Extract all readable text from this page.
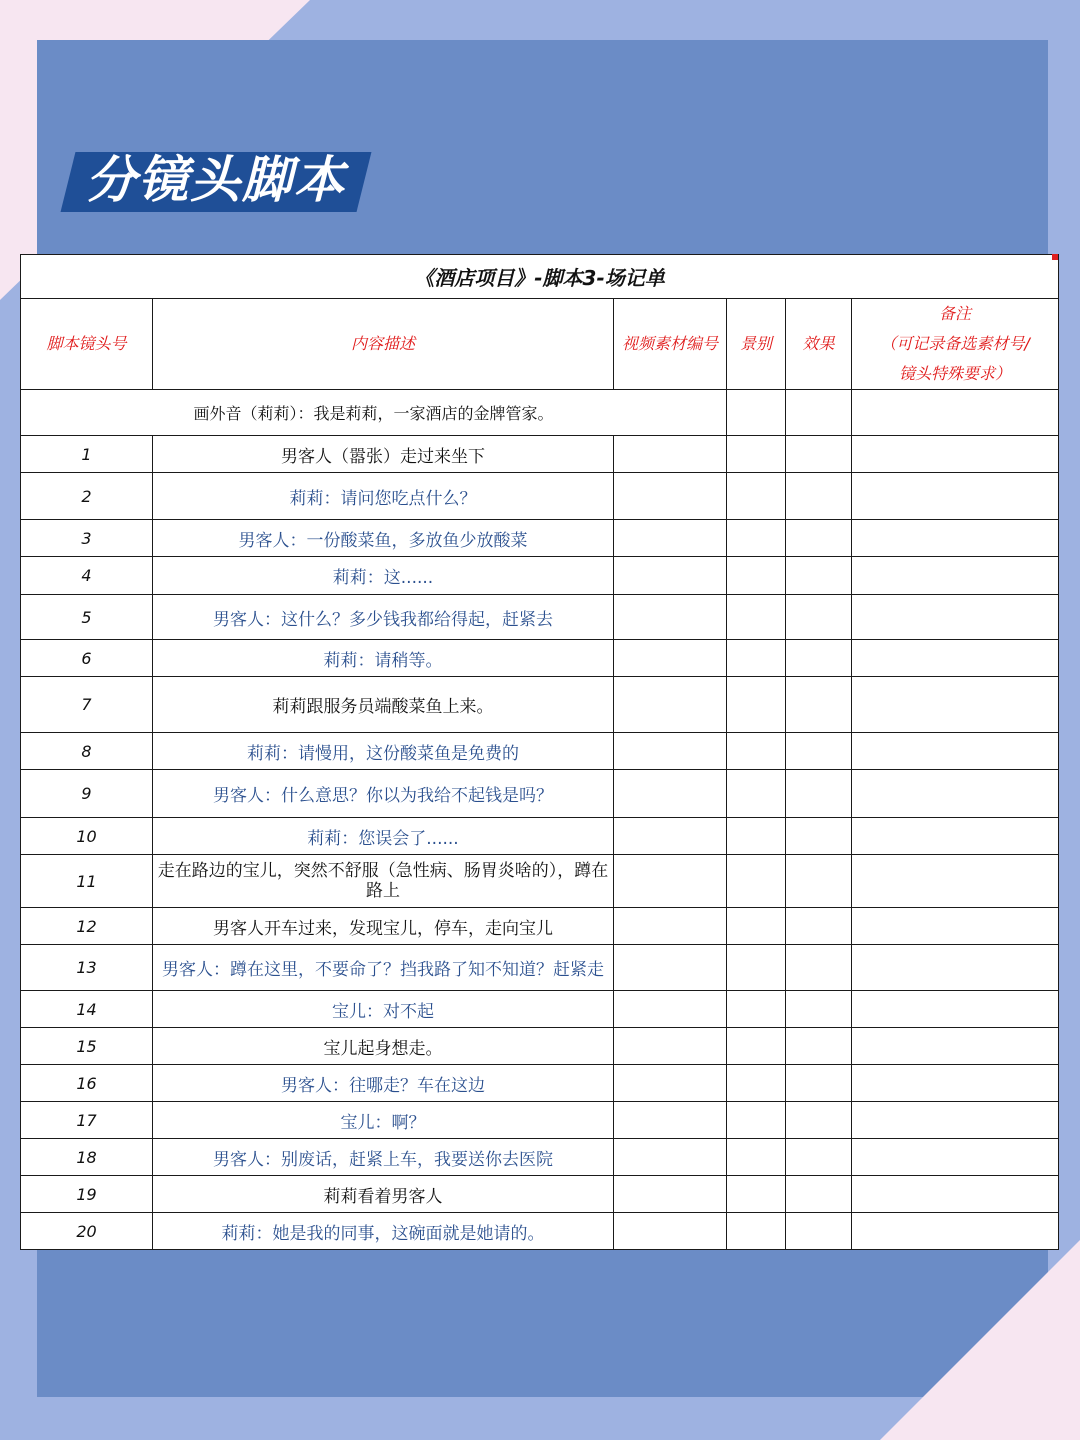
分镜头脚本
《酒店项目》-脚本3-场记单					
脚本镜头号	内容描述	视频素材编号	景别	效果	备注
（可记录备选素材号/
镜头特殊要求）

画外音（莉莉）：我是莉莉，一家酒店的金牌管家。					
1	男客人（嚣张）走过来坐下				
2	莉莉：请问您吃点什么？				
3	男客人：一份酸菜鱼，多放鱼少放酸菜				
4	莉莉：这......				
5	男客人：这什么？多少钱我都给得起，赶紧去				
6	莉莉：请稍等。				
7	莉莉跟服务员端酸菜鱼上来。				
8	莉莉：请慢用，这份酸菜鱼是免费的				
9	男客人：什么意思？你以为我给不起钱是吗？				
10	莉莉：您误会了......				
11	走在路边的宝儿，突然不舒服（急性病、肠胃炎啥的），蹲在路上				
12	男客人开车过来，发现宝儿，停车，走向宝儿				
13	男客人：蹲在这里，不要命了？挡我路了知不知道？赶紧走				
14	宝儿：对不起				
15	宝儿起身想走。				
16	男客人：往哪走？车在这边				
17	宝儿：啊？				
18	男客人：别废话，赶紧上车，我要送你去医院				
19	莉莉看着男客人				
20	莉莉：她是我的同事，这碗面就是她请的。				
